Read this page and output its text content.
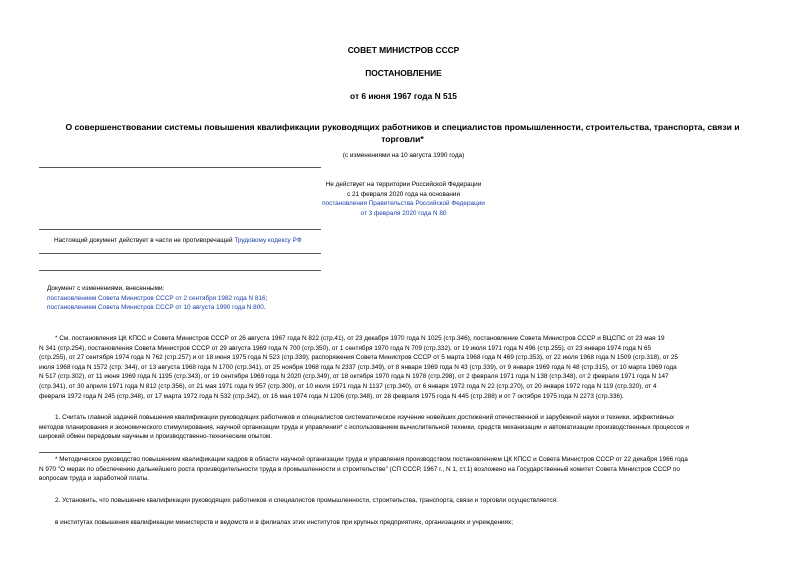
СОВЕТ МИНИСТРОВ СССР
ПОСТАНОВЛЕНИЕ
от 6 июня 1967 года N 515
О совершенствовании системы повышения квалификации руководящих работников и специалистов промышленности, строительства, транспорта, связи и
торговли*
(с изменениями на 10 августа 1990 года)
Не действует на территории Российской Федерации
с 21 февраля 2020 года на основании
постановления Правительства Российской Федерации
от 3 февраля 2020 года N 80
Настоящий документ действует в части не противоречащей Трудовому кодексу РФ
Документ с изменениями, внесенными:
постановлением Совета Министров СССР от 2 сентября 1982 года N 816;
постановлением Совета Министров СССР от 10 августа 1990 года N 800.
* См. постановления ЦК КПСС и Совета Министров СССР от 26 августа 1967 года N 822 (стр.41), от 23 декабря 1970 года N 1025 (стр.346), постановление Совета Министров СССР и ВЦСПС от 23 мая 19
N 341 (стр.254), постановления Совета Министров СССР от 29 августа 1969 года N 700 (стр.350), от 1 сентября 1970 года N 709 (стр.332), от 19 июля 1971 года N 496 (стр.255), от 23 января 1974 года N 65
(стр.255), от 27 сентября 1974 года N 762 (стр.257) и от 18 июня 1975 года N 523 (стр.339); распоряжения Совета Министров СССР от 5 марта 1968 года N 469 (стр.353), от 22 июля 1968 года N 1509 (стр.318), от 25
июля 1968 года N 1572 (стр. 344), от 13 августа 1968 года N 1700 (стр.341), от 25 ноября 1968 года N 2337 (стр.349), от 8 января 1969 года N 43 (стр.339), от 9 января 1969 года N 48 (стр.315), от 10 марта 1969 года
N 517 (стр.302), от 11 июня 1969 года N 1195 (стр.343), от 19 сентября 1969 года N 2020 (стр.349), от 18 октября 1970 года N 1978 (стр.298), от 2 февраля 1971 года N 138 (стр.348), от 2 февраля 1971 года N 147
(стр.341), от 30 апреля 1971 года N 812 (стр.356), от 21 мая 1971 года N 957 (стр.300), от 10 июля 1971 года N 1137 (стр.340), от 6 января 1972 года N 22 (стр.270), от 20 января 1972 года N 119 (стр.320), от 4
февраля 1972 года N 245 (стр.348), от 17 марта 1972 года N 532 (стр.342), от 16 мая 1974 года N 1206 (стр.348), от 28 февраля 1975 года N 445 (стр.288) и от 7 октября 1975 года N 2273 (стр.336).
1. Считать главной задачей повышения квалификации руководящих работников и специалистов систематическое изучение новейших достижений отечественной и зарубежной науки и техники, эффективных
методов планирования и экономического стимулирования, научной организации труда и управления* с использованием вычислительной техники, средств механизации и автоматизации производственных процессов и
широкий обмен передовым научным и производственно-техническим опытом.
* Методическое руководство повышением квалификации кадров в области научной организации труда и управления производством постановлением ЦК КПСС и Совета Министров СССР от 22 декабря 1966 года
N 970 "О мерах по обеспечению дальнейшего роста производительности труда в промышленности и строительстве" (СП СССР, 1967 г., N 1, ст.1) возложено на Государственный комитет Совета Министров СССР по
вопросам труда и заработной платы.
2. Установить, что повышение квалификации руководящих работников и специалистов промышленности, строительства, транспорта, связи и торговли осуществляется:
в институтах повышения квалификации министерств и ведомств и в филиалах этих институтов при крупных предприятиях, организациях и учреждениях;
